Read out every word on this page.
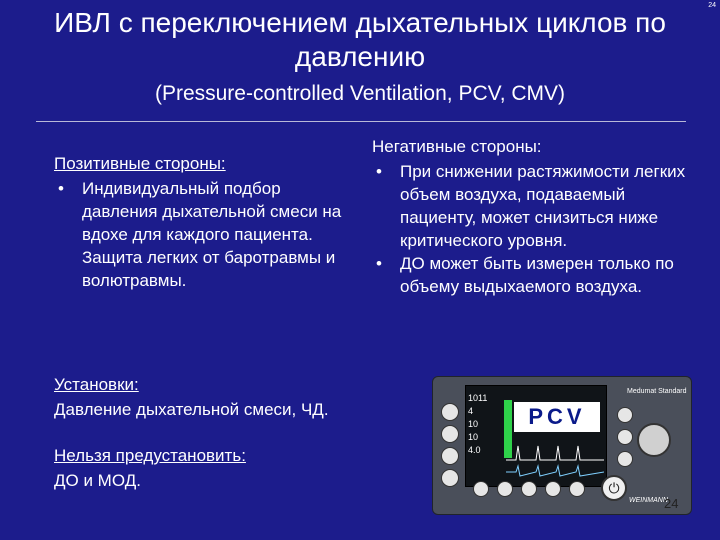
24
ИВЛ с переключением дыхательных циклов по давлению
(Pressure-controlled Ventilation, PCV, CMV)
Позитивные стороны:
• Индивидуальный подбор давления дыхательной смеси на вдохе для каждого пациента. Защита легких от баротравмы и волютравмы.
Негативные стороны:
• При снижении растяжимости легких объем воздуха, подаваемый пациенту, может снизиться ниже критического уровня.
• ДО может быть измерен только по объему выдыхаемого воздуха.
Установки:
Давление дыхательной смеси, ЧД.
Нельзя предустановить:
ДО и МОД.
1011
4
10
10
4.0
PCV
Medumat Standard
⏻
WEINMANN
24
